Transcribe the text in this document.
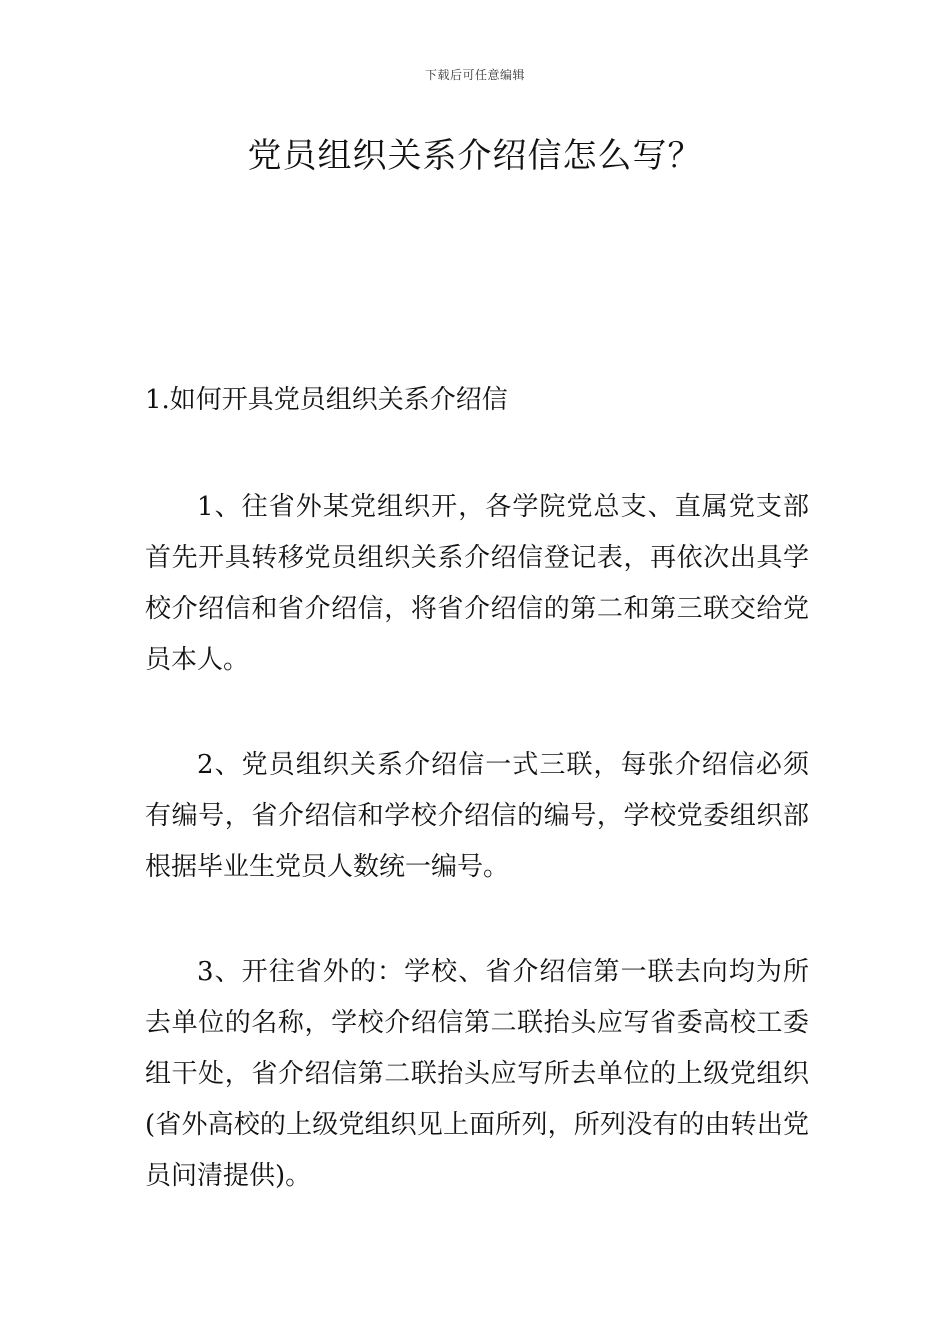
下载后可任意编辑
党员组织关系介绍信怎么写？

1.如何开具党员组织关系介绍信

1、往省外某党组织开，各学院党总支、直属党支部首先开具转移党员组织关系介绍信登记表，再依次出具学校介绍信和省介绍信，将省介绍信的第二和第三联交给党员本人。

2、党员组织关系介绍信一式三联，每张介绍信必须有编号，省介绍信和学校介绍信的编号，学校党委组织部根据毕业生党员人数统一编号。

3、开往省外的：学校、省介绍信第一联去向均为所去单位的名称，学校介绍信第二联抬头应写省委高校工委组干处，省介绍信第二联抬头应写所去单位的上级党组织(省外高校的上级党组织见上面所列，所列没有的由转出党员问清提供)。
